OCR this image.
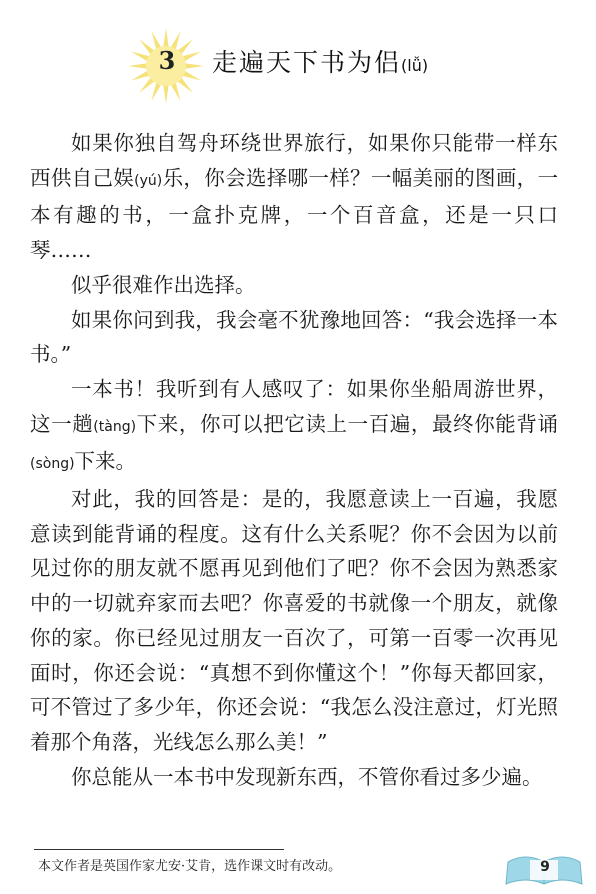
3	走遍天下书为侣(lǚ)

如果你独自驾舟环绕世界旅行，如果你只能带一样东西供自己娱(yú)乐，你会选择哪一样？一幅美丽的图画，一本有趣的书，一盒扑克牌，一个百音盒，还是一只口琴……

似乎很难作出选择。

如果你问到我，我会毫不犹豫地回答：“我会选择一本书。”

一本书！我听到有人感叹了：如果你坐船周游世界，这一趟(tàng)下来，你可以把它读上一百遍，最终你能背诵(sòng)下来。

对此，我的回答是：是的，我愿意读上一百遍，我愿意读到能背诵的程度。这有什么关系呢？你不会因为以前见过你的朋友就不愿再见到他们了吧？你不会因为熟悉家中的一切就弃家而去吧？你喜爱的书就像一个朋友，就像你的家。你已经见过朋友一百次了，可第一百零一次再见面时，你还会说：“真想不到你懂这个！”你每天都回家，可不管过了多少年，你还会说：“我怎么没注意过，灯光照着那个角落，光线怎么那么美！”

你总能从一本书中发现新东西，不管你看过多少遍。

本文作者是英国作家尤安·艾肯，选作课文时有改动。	9
